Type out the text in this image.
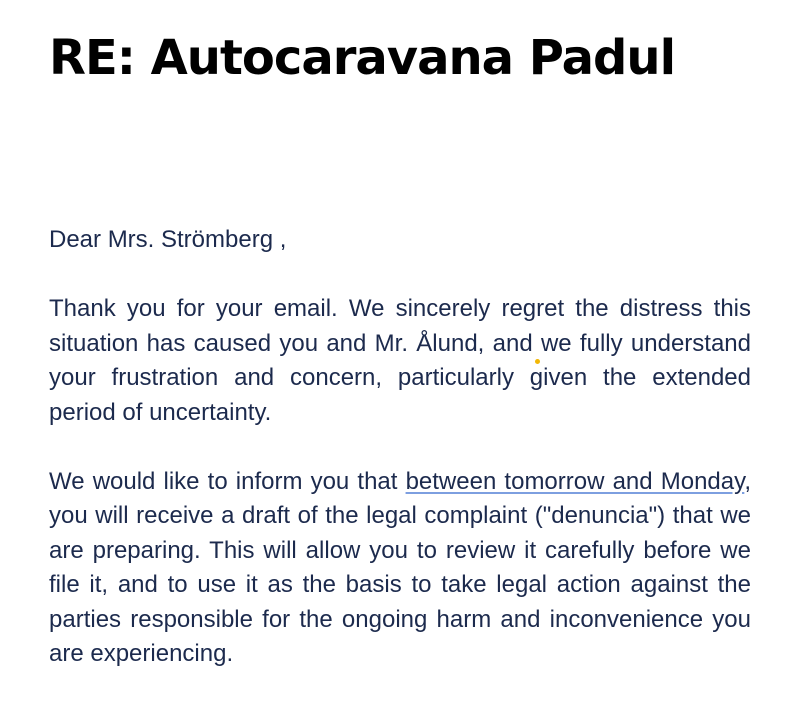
RE: Autocaravana Padul

Dear Mrs. Strömberg ,

Thank you for your email. We sincerely regret the distress this situation has caused you and Mr. Ålund, and we fully understand your frustration and concern, particularly given the extended period of uncertainty.

We would like to inform you that between tomorrow and Monday, you will receive a draft of the legal complaint ("denuncia") that we are preparing. This will allow you to review it carefully before we file it, and to use it as the basis to take legal action against the parties responsible for the ongoing harm and inconvenience you are experiencing.
